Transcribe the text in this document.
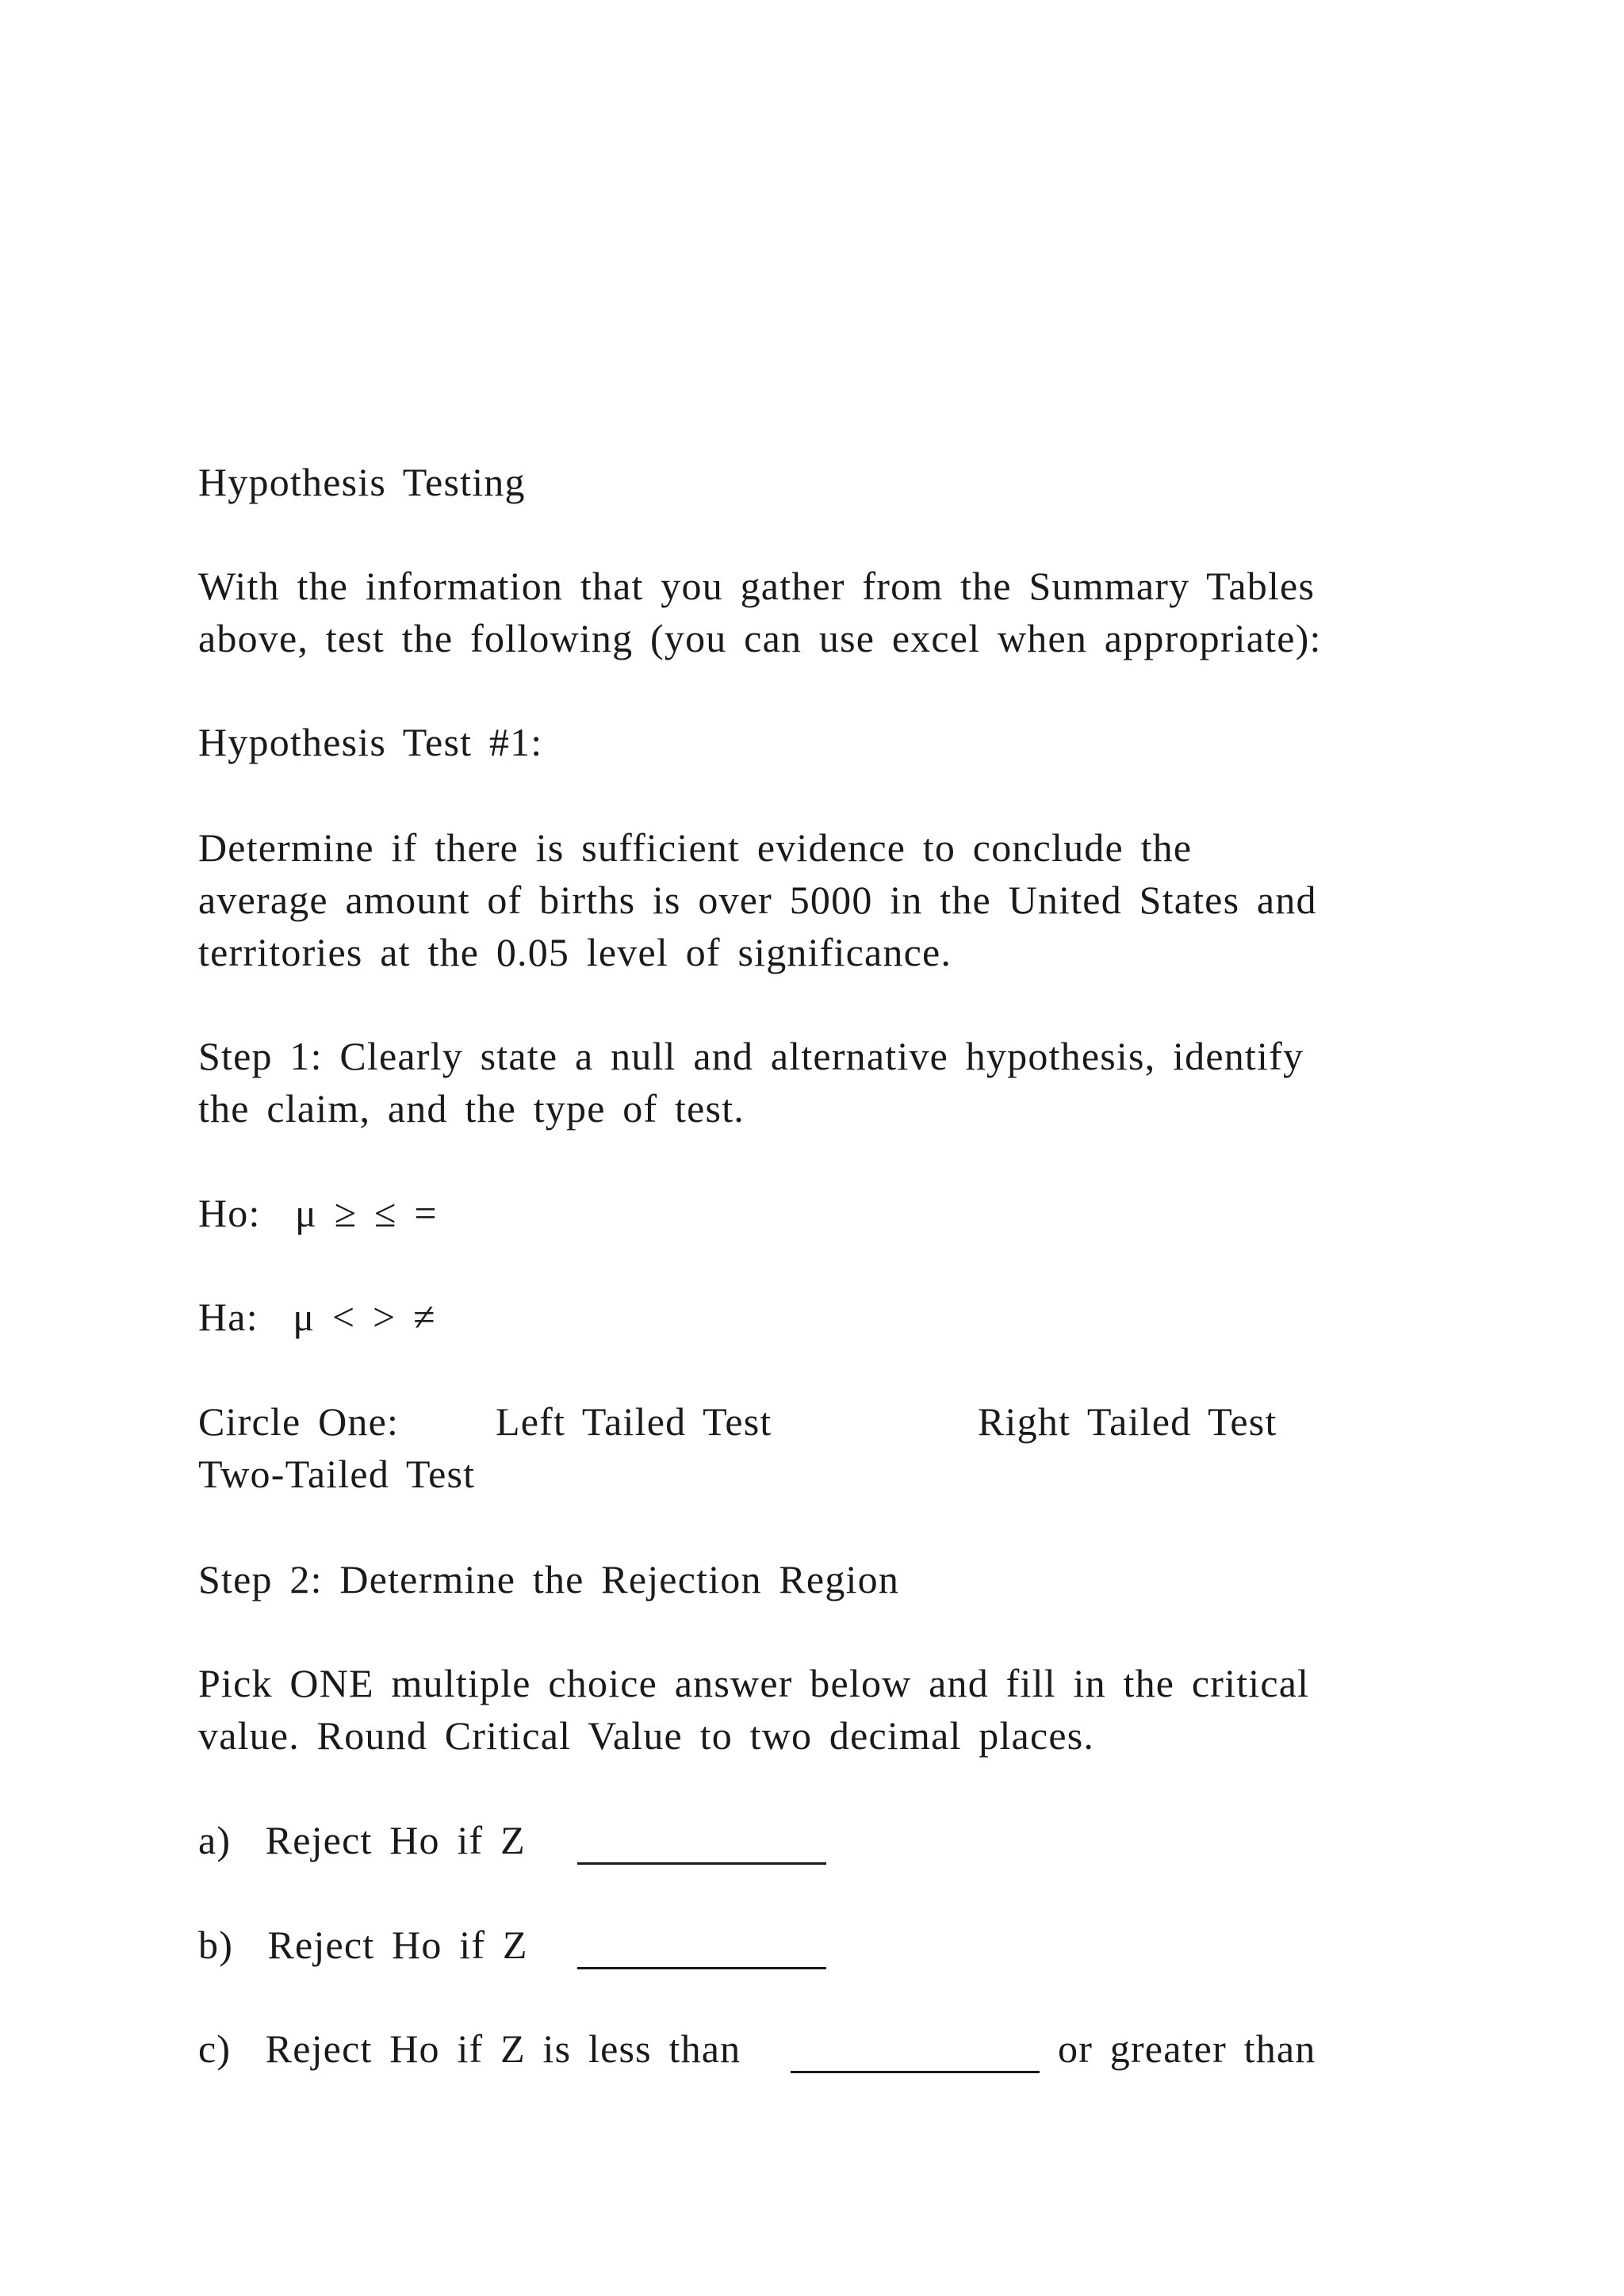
Hypothesis Testing
With the information that you gather from the Summary Tables
above, test the following (you can use excel when appropriate):
Hypothesis Test #1:
Determine if there is sufficient evidence to conclude the
average amount of births is over 5000 in the United States and
territories at the 0.05 level of significance.
Step 1: Clearly state a null and alternative hypothesis, identify
the claim, and the type of test.
Ho:  μ ≥ ≤ =
Ha:  μ < > ≠
Circle One: Left Tailed Test	Right Tailed Test
Two-Tailed Test
Step 2: Determine the Rejection Region
Pick ONE multiple choice answer below and fill in the critical
value. Round Critical Value to two decimal places.
a)  Reject Ho if Z
b)  Reject Ho if Z
c)  Reject Ho if Z is less than	or greater than
